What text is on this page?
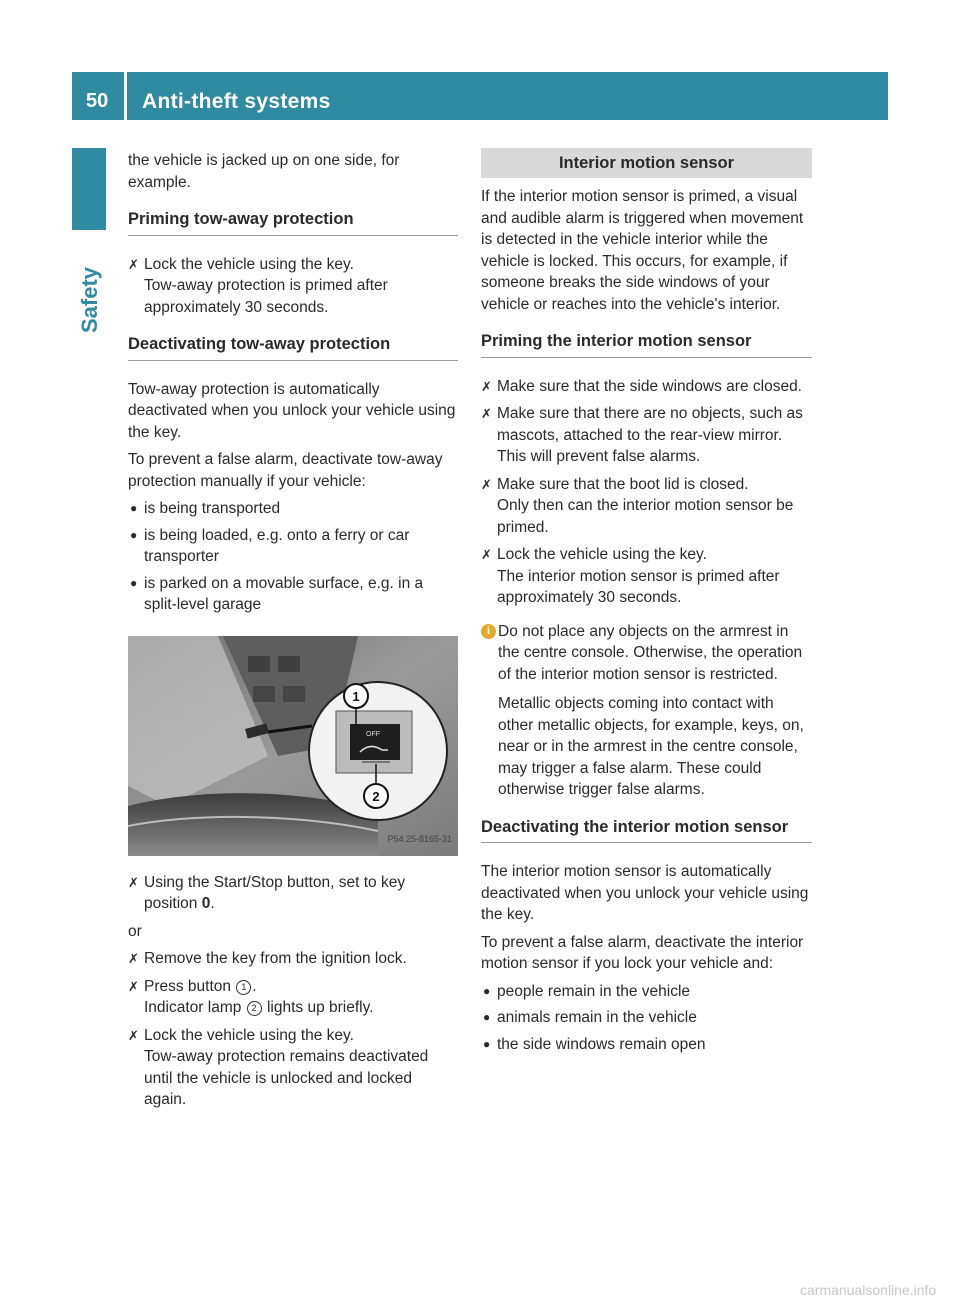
50 Anti-theft systems
Safety

the vehicle is jacked up on one side, for example.

Priming tow-away protection
✗ Lock the vehicle using the key.
Tow-away protection is primed after approximately 30 seconds.
Deactivating tow-away protection

Tow-away protection is automatically deactivated when you unlock your vehicle using the key.

To prevent a false alarm, deactivate tow-away protection manually if your vehicle:

● is being transported
● is being loaded, e.g. onto a ferry or car transporter
● is parked on a movable surface, e.g. in a split-level garage
OFF
1
2
P54.25-8165-31
✗ Using the Start/Stop button, set to key position 0.

or

✗ Remove the key from the ignition lock.
✗ Press button 1 .
Indicator lamp 2 lights up briefly.
✗ Lock the vehicle using the key.
Tow-away protection remains deactivated until the vehicle is unlocked and locked again.
Interior motion sensor

If the interior motion sensor is primed, a visual and audible alarm is triggered when movement is detected in the vehicle interior while the vehicle is locked. This occurs, for example, if someone breaks the side windows of your vehicle or reaches into the vehicle's interior.

Priming the interior motion sensor
✗ Make sure that the side windows are closed.
✗ Make sure that there are no objects, such as mascots, attached to the rear-view mirror.
This will prevent false alarms.
✗ Make sure that the boot lid is closed.
Only then can the interior motion sensor be primed.
✗ Lock the vehicle using the key.
The interior motion sensor is primed after approximately 30 seconds.
i Do not place any objects on the armrest in the centre console. Otherwise, the operation of the interior motion sensor is restricted.

Metallic objects coming into contact with other metallic objects, for example, keys, on, near or in the armrest in the centre console, may trigger a false alarm. These could otherwise trigger false alarms.

Deactivating the interior motion sensor

The interior motion sensor is automatically deactivated when you unlock your vehicle using the key.

To prevent a false alarm, deactivate the interior motion sensor if you lock your vehicle and:

● people remain in the vehicle
● animals remain in the vehicle
● the side windows remain open
carmanualsonline.info
